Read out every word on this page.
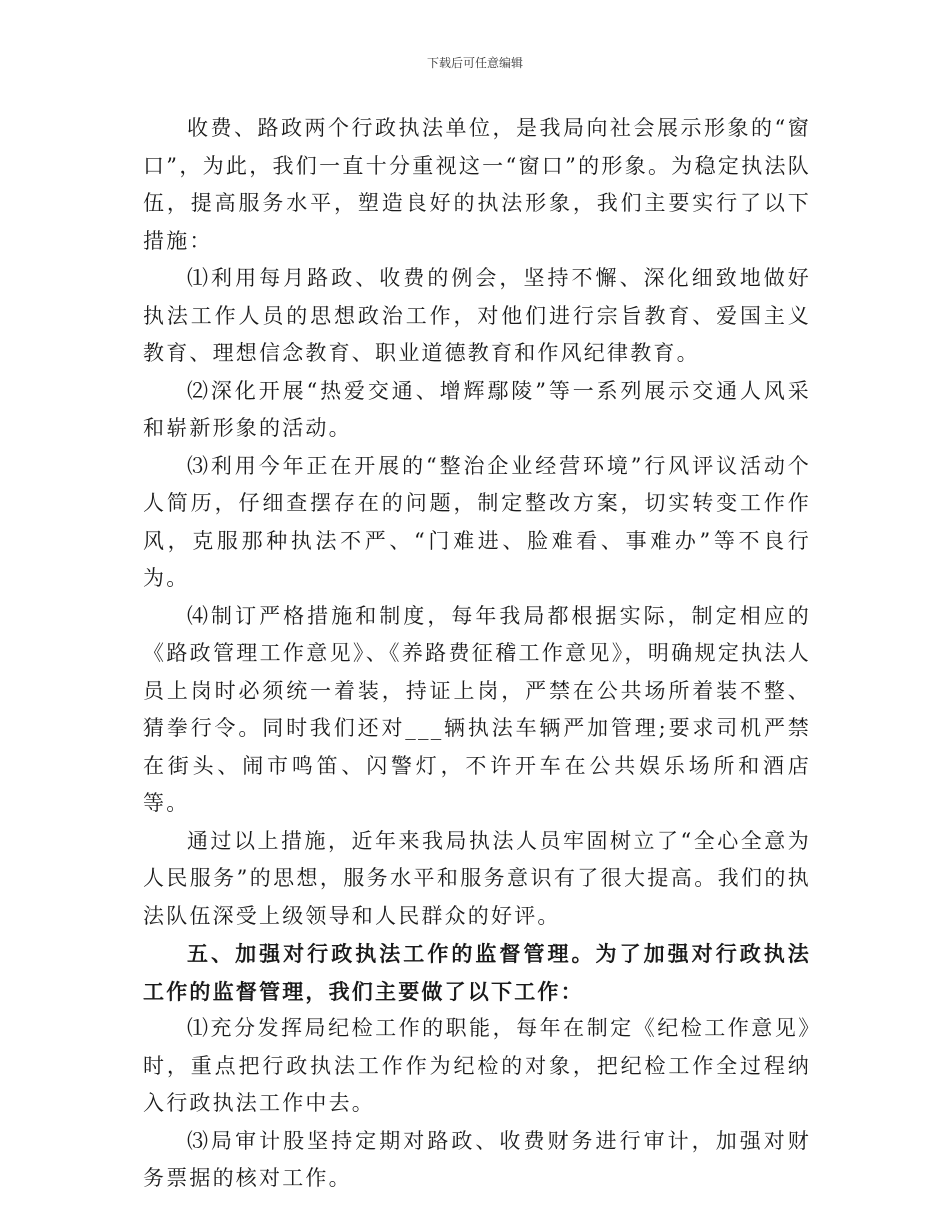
下载后可任意编辑

收费、路政两个行政执法单位，是我局向社会展示形象的“窗口”，为此，我们一直十分重视这一“窗口”的形象。为稳定执法队伍，提高服务水平，塑造良好的执法形象，我们主要实行了以下措施：

⑴利用每月路政、收费的例会，坚持不懈、深化细致地做好执法工作人员的思想政治工作，对他们进行宗旨教育、爱国主义教育、理想信念教育、职业道德教育和作风纪律教育。

⑵深化开展“热爱交通、增辉鄢陵”等一系列展示交通人风采和崭新形象的活动。

⑶利用今年正在开展的“整治企业经营环境”行风评议活动个人简历，仔细查摆存在的问题，制定整改方案，切实转变工作作风，克服那种执法不严、“门难进、脸难看、事难办”等不良行为。

⑷制订严格措施和制度，每年我局都根据实际，制定相应的《路政管理工作意见》、《养路费征稽工作意见》，明确规定执法人员上岗时必须统一着装，持证上岗，严禁在公共场所着装不整、猜拳行令。同时我们还对___辆执法车辆严加管理;要求司机严禁在街头、闹市鸣笛、闪警灯，不许开车在公共娱乐场所和酒店等。

通过以上措施，近年来我局执法人员牢固树立了“全心全意为人民服务”的思想，服务水平和服务意识有了很大提高。我们的执法队伍深受上级领导和人民群众的好评。

五、加强对行政执法工作的监督管理。为了加强对行政执法工作的监督管理，我们主要做了以下工作：

⑴充分发挥局纪检工作的职能，每年在制定《纪检工作意见》时，重点把行政执法工作作为纪检的对象，把纪检工作全过程纳入行政执法工作中去。

⑶局审计股坚持定期对路政、收费财务进行审计，加强对财务票据的核对工作。
